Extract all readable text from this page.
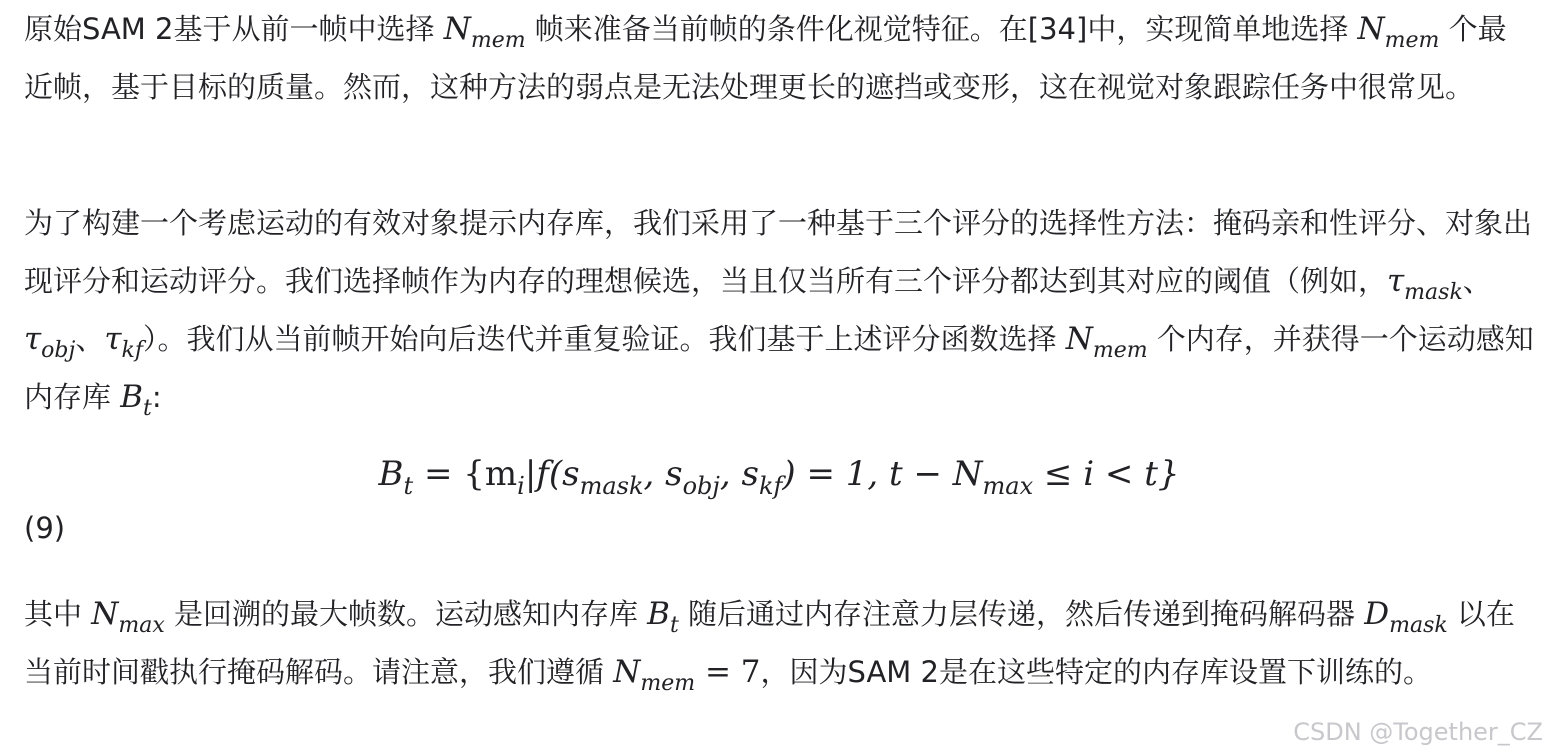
原始SAM 2基于从前一帧中选择 $N_{mem}$ 帧来准备当前帧的条件化视觉特征。在[34]中，实现简单地选择 $N_{mem}$ 个最近帧，基于目标的质量。然而，这种方法的弱点是无法处理更长的遮挡或变形，这在视觉对象跟踪任务中很常见。

为了构建一个考虑运动的有效对象提示内存库，我们采用了一种基于三个评分的选择性方法：掩码亲和性评分、对象出现评分和运动评分。我们选择帧作为内存的理想候选，当且仅当所有三个评分都达到其对应的阈值（例如，$\tau_{mask}$、$\tau_{obj}$、$\tau_{kf}$）。我们从当前帧开始向后迭代并重复验证。我们基于上述评分函数选择 $N_{mem}$ 个内存，并获得一个运动感知内存库 $B_t$:

$B_t = \{m_i|f(s_{mask}$, $s_{obj}$, $s_{kf}) = 1$, $t - N_{max} \le i < t$}
(9)

其中 $N_{max}$ 是回溯的最大帧数。运动感知内存库 $B_t$ 随后通过内存注意力层传递，然后传递到掩码解码器 $D_{mask}$ 以在当前时间戳执行掩码解码。请注意，我们遵循 $N_{mem} = 7$，因为SAM 2是在这些特定的内存库设置下训练的。

CSDN @Together_CZ
